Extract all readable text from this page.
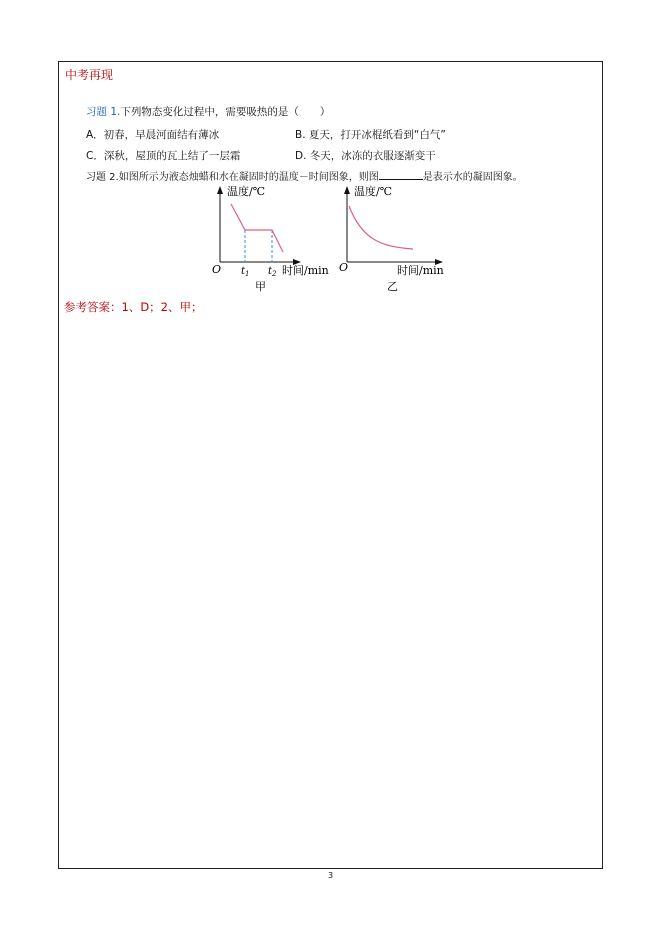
中考再现
习题 1.下列物态变化过程中，需要吸热的是（　　）
A．初春，早晨河面结有薄冰	B. 夏天，打开冰棍纸看到“白气”
C．深秋，屋顶的瓦上结了一层霜	D. 冬天，冰冻的衣服逐渐变干
习题 2.如图所示为液态烛蜡和水在凝固时的温度－时间图象，则图	是表示水的凝固图象。
温度/℃
O $t_1$ $t_2$ 时间/min
甲
温度/℃
O	时间/min
乙
参考答案：1、D；2、甲；
3
